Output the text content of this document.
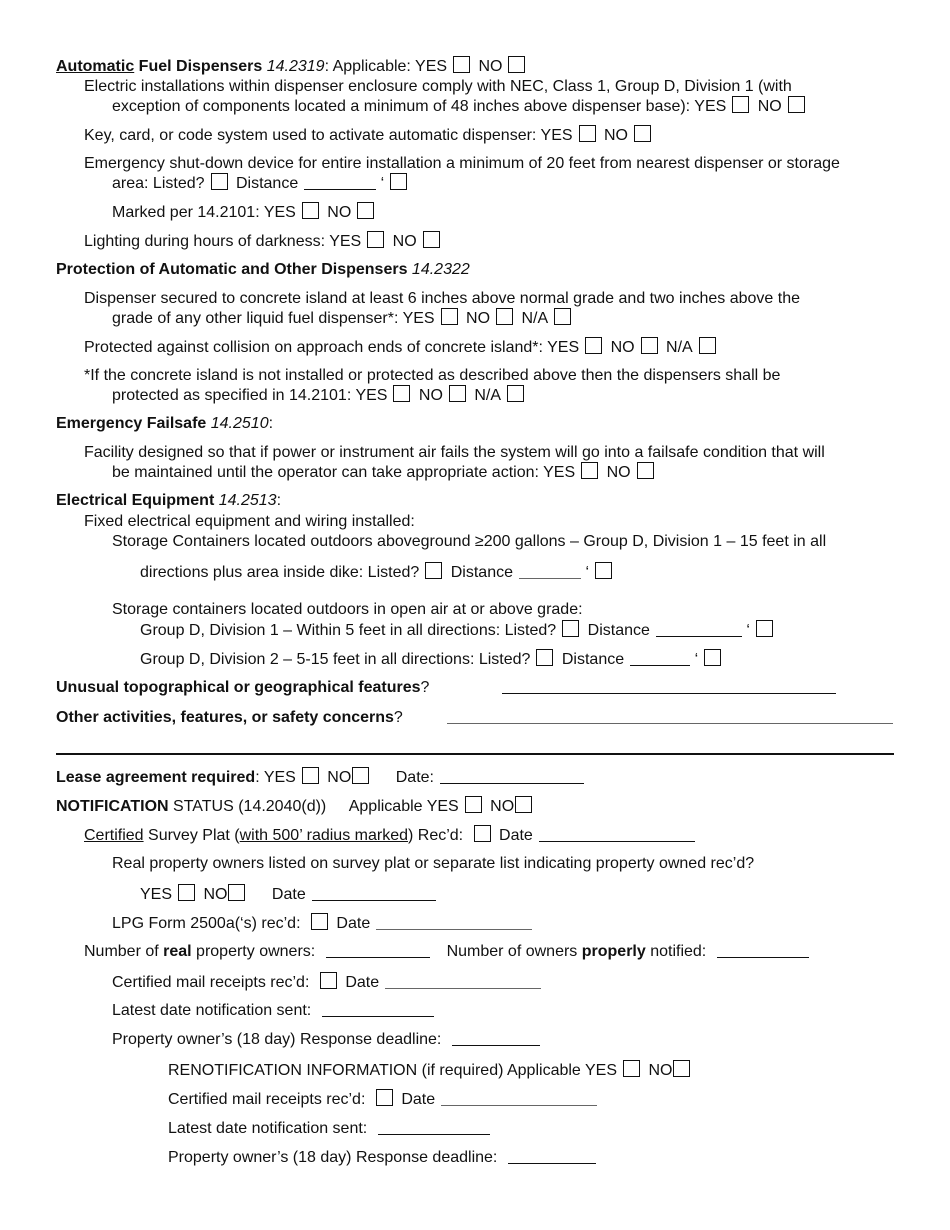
Automatic Fuel Dispensers 14.2319: Applicable: YES NO
Electric installations within dispenser enclosure comply with NEC, Class 1, Group D, Division 1 (with
exception of components located a minimum of 48 inches above dispenser base): YES NO
Key, card, or code system used to activate automatic dispenser: YES NO
Emergency shut-down device for entire installation a minimum of 20 feet from nearest dispenser or storage
area: Listed? Distance	‘
Marked per 14.2101: YES NO
Lighting during hours of darkness: YES NO
Protection of Automatic and Other Dispensers 14.2322
Dispenser secured to concrete island at least 6 inches above normal grade and two inches above the
grade of any other liquid fuel dispenser*: YES NO N/A
Protected against collision on approach ends of concrete island*: YES NO N/A
*If the concrete island is not installed or protected as described above then the dispensers shall be
protected as specified in 14.2101: YES NO N/A
Emergency Failsafe 14.2510:
Facility designed so that if power or instrument air fails the system will go into a failsafe condition that will
be maintained until the operator can take appropriate action: YES NO
Electrical Equipment 14.2513:
Fixed electrical equipment and wiring installed:
Storage Containers located outdoors aboveground ≥200 gallons – Group D, Division 1 – 15 feet in all
directions plus area inside dike: Listed? Distance	‘
Storage containers located outdoors in open air at or above grade:
Group D, Division 1 – Within 5 feet in all directions: Listed? Distance	‘
Group D, Division 2 – 5-15 feet in all directions: Listed? Distance	‘
Unusual topographical or geographical features?
Other activities, features, or safety concerns?
Lease agreement required: YES NO	Date:
NOTIFICATION STATUS (14.2040(d)) Applicable YES NO
Certified Survey Plat (with 500’ radius marked) Rec’d: Date
Real property owners listed on survey plat or separate list indicating property owned rec’d?
YES NO	Date
LPG Form 2500a(‘s) rec’d: Date
Number of real property owners:	Number of owners properly notified:
Certified mail receipts rec’d: Date
Latest date notification sent:
Property owner’s (18 day) Response deadline:
RENOTIFICATION INFORMATION (if required) Applicable YES NO
Certified mail receipts rec’d: Date
Latest date notification sent:
Property owner’s (18 day) Response deadline:
